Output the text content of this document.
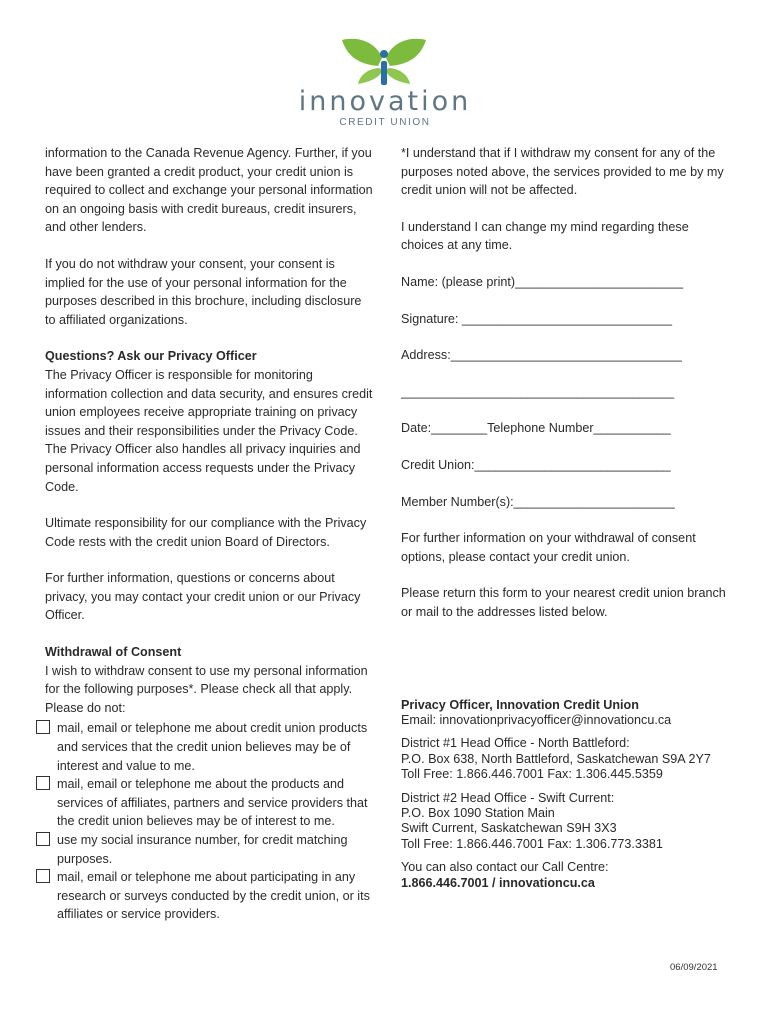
innovation
CREDIT UNION

information to the Canada Revenue Agency. Further, if you have been granted a credit product, your credit union is required to collect and exchange your personal information on an ongoing basis with credit bureaus, credit insurers, and other lenders.

If you do not withdraw your consent, your consent is implied for the use of your personal information for the purposes described in this brochure, including disclosure to affiliated organizations.

Questions? Ask our Privacy Officer

The Privacy Officer is responsible for monitoring information collection and data security, and ensures credit union employees receive appropriate training on privacy issues and their responsibilities under the Privacy Code. The Privacy Officer also handles all privacy inquiries and personal information access requests under the Privacy Code.

Ultimate responsibility for our compliance with the Privacy Code rests with the credit union Board of Directors.

For further information, questions or concerns about privacy, you may contact your credit union or our Privacy Officer.

Withdrawal of Consent

I wish to withdraw consent to use my personal information for the following purposes*. Please check all that apply. Please do not:

mail, email or telephone me about credit union products and services that the credit union believes may be of interest and value to me.

mail, email or telephone me about the products and services of affiliates, partners and service providers that the credit union believes may be of interest to me.

use my social insurance number, for credit matching purposes.

mail, email or telephone me about participating in any research or surveys conducted by the credit union, or its affiliates or service providers.

*I understand that if I withdraw my consent for any of the purposes noted above, the services provided to me by my credit union will not be affected.

I understand I can change my mind regarding these choices at any time.

Name: (please print)________________________

Signature: ______________________________

Address:_________________________________

_______________________________________

Date:________Telephone Number___________

Credit Union:____________________________

Member Number(s):_______________________

For further information on your withdrawal of consent options, please contact your credit union.

Please return this form to your nearest credit union branch or mail to the addresses listed below.

Privacy Officer, Innovation Credit Union

Email: innovationprivacyofficer@innovationcu.ca

District #1 Head Office - North Battleford:

P.O. Box 638, North Battleford, Saskatchewan S9A 2Y7

Toll Free: 1.866.446.7001 Fax: 1.306.445.5359

District #2 Head Office - Swift Current:

P.O. Box 1090 Station Main

Swift Current, Saskatchewan S9H 3X3

Toll Free: 1.866.446.7001 Fax: 1.306.773.3381

You can also contact our Call Centre:

1.866.446.7001 / innovationcu.ca

06/09/2021
